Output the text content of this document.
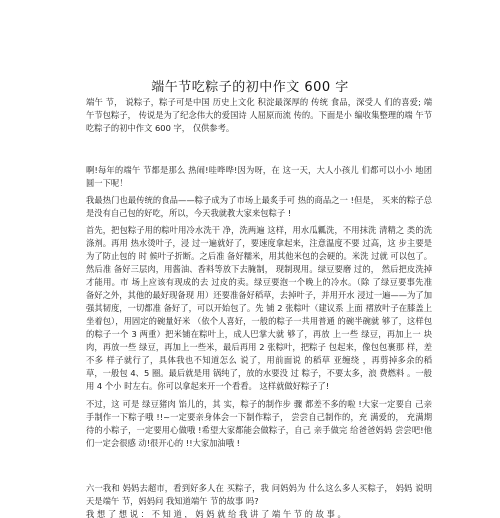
端午节吃粽子的初中作文 600 字

端午 节， 说粽子，粽子可是中国 历史上文化 积淀最深厚的 传统 食品，深受人 们的喜爱; 端午节包粽子， 传说是为了纪念伟大的爱国诗 人屈原而流 传的。下面是小 编收集整理的端 午节吃粽子的初中作文 600 字， 仅供参考。

啊!每年的端午 节都是那么 热闹!哇哗哗!因为呀，在 这一天，大人小孩儿 们都可以小小 地团圆一下呢！

我最热门也最传统的食品——粽子成为了市场上最炙手可 热的商品之一 !但是， 买来的粽子总 是没有自己包的好吃，所以，今天我就教大家来包粽子 !

首先，把包粽子用的粽叶用冷水洗干 净，洗两遍 这样，用水瓜瓤洗，不用抹洗 清精之 类的洗涤剂。再用 热水烫叶子，浸 过一遍就好了，要速度拿起来，注意温度不要 过高，这 步主要是 为了防止包的 时 候叶子折断。之后准 备好糯米，用其他米包的会硬的。米洗 过就 可以包了。然后准 备好三层肉，用酱油、香料等放下去腌制， 现制现用。绿豆要磨 过的， 然后把皮洗掉才能用。市 场上应该有现成的去 过皮的卖。绿豆要泡一个晚上的冷水。（除 了绿豆要事先准 备好之外，其他的最好现备现 用）还要准备好稻草，去掉叶子，并用开水 浸过一遍——为了加强其韧度，一切都准 备好了，可以开始包了。先 铺 2 张粽叶（建议系 上面 褶放叶子在膝盖上坐着包），用固定的碗量好米 （依个人喜好，一般的粽子一共用普通 的碗半碗就 够了，这样包的粽子一个 3 两重）把米铺在粽叶上，成人巴掌大就 够了，再放 上一些 绿豆，再加上一 块 肉，再放一些 绿豆，再加上一些米，最后再用 2 张粽叶，把粽子 包起来，像包包裹那 样，差不多 样子就行了，具体我也不知道怎么 说了，用前面说 的稻草 亚缠绕 ，再剪掉多余的稻 草，一般包 4、5 圈。最后就是用 锅纯了，放的水要没 过 粽子，不要太多，浪 费燃料 。一般用 4 个小 时左右。你可以拿起来开一个看看。 这样就做好粽子了!

不过，这 可是 绿豆猪肉 馅儿的，其 实，粽子的制作步 骤 都差不多的啦 !大家一定要自 己亲手制作一下粽子哦 !!~一定要亲身体会一下制作粽子， 尝尝自己制作的，充 满爱的， 充满期待的小粽子，一定要用心做哦 !希望大家都能会做粽子，自己 亲手做完 给爸爸妈妈 尝尝吧!他们一定会很感 动!很开心的 !!大家加油哦 !

六一我和 妈妈去超市，看到好多人在 买粽子，我 问妈妈为 什么这么多人买粽子， 妈妈 说明天是端午 节，妈妈问 我知道端午 节的故事 吗?

我 想 了 想 说 ： 不 知 道 ， 妈 妈 就 给 我 讲 了 端 午 节 的 故 事 。
